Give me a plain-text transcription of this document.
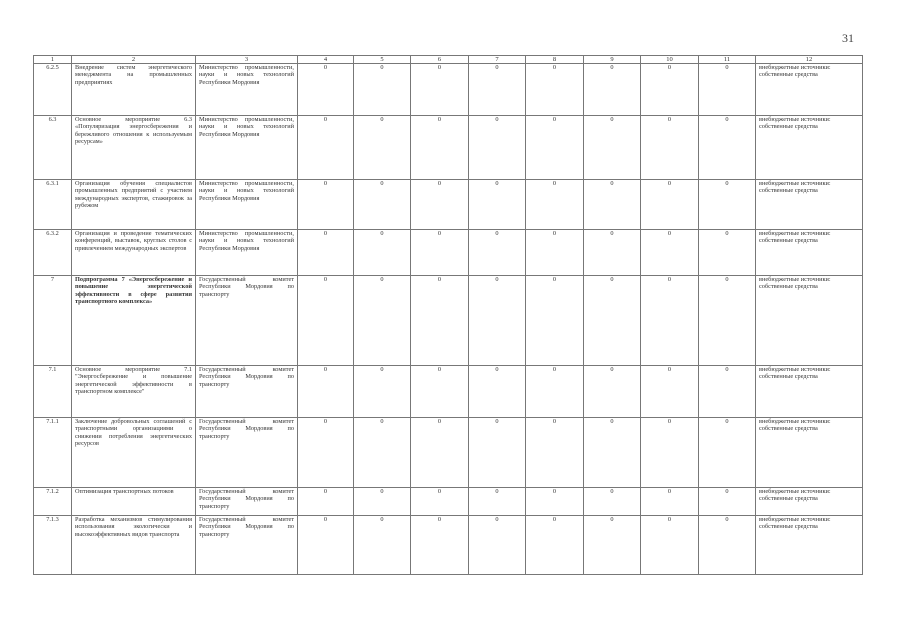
31
1	2	3	4	5	6	7	8	9	10	11	12
6.2.5	Внедрение систем энергетического менеджмента на промышленных предприятиях	Министерство промышленности, науки и новых технологий Республики Мордовия	0	0	0	0	0	0	0	0	внебюджетные источники: собственные средства
6.3	Основное мероприятие 6.3 «Популяризация энергосбережения и бережливого отношения к используемым ресурсам»	Министерство промышленности, науки и новых технологий Республики Мордовия	0	0	0	0	0	0	0	0	внебюджетные источники: собственные средства
6.3.1	Организация обучения специалистов промышленных предприятий с участием международных экспертов, стажировок за рубежом	Министерство промышленности, науки и новых технологий Республики Мордовия	0	0	0	0	0	0	0	0	внебюджетные источники: собственные средства
6.3.2	Организация и проведение тематических конференций, выставок, круглых столов с привлечением международных экспертов	Министерство промышленности, науки и новых технологий Республики Мордовия	0	0	0	0	0	0	0	0	внебюджетные источники: собственные средства
7	Подпрограмма 7 «Энергосбережение и повышение энергетической эффективности в сфере развития транспортного комплекса»	Государственный комитет Республики Мордовия по транспорту	0	0	0	0	0	0	0	0	внебюджетные источники: собственные средства
7.1	Основное мероприятие 7.1 "Энергосбережение и повышение энергетической эффективности в транспортном комплексе"	Государственный комитет Республики Мордовия по транспорту	0	0	0	0	0	0	0	0	внебюджетные источники: собственные средства
7.1.1	Заключение добровольных соглашений с транспортными организациями о снижении потребления энергетических ресурсов	Государственный комитет Республики Мордовия по транспорту	0	0	0	0	0	0	0	0	внебюджетные источники: собственные средства
7.1.2	Оптимизация транспортных потоков	Государственный комитет Республики Мордовия по транспорту	0	0	0	0	0	0	0	0	внебюджетные источники: собственные средства
7.1.3	Разработка механизмов стимулирования использования экологически и высокоэффективных видов транспорта	Государственный комитет Республики Мордовия по транспорту	0	0	0	0	0	0	0	0	внебюджетные источники: собственные средства
